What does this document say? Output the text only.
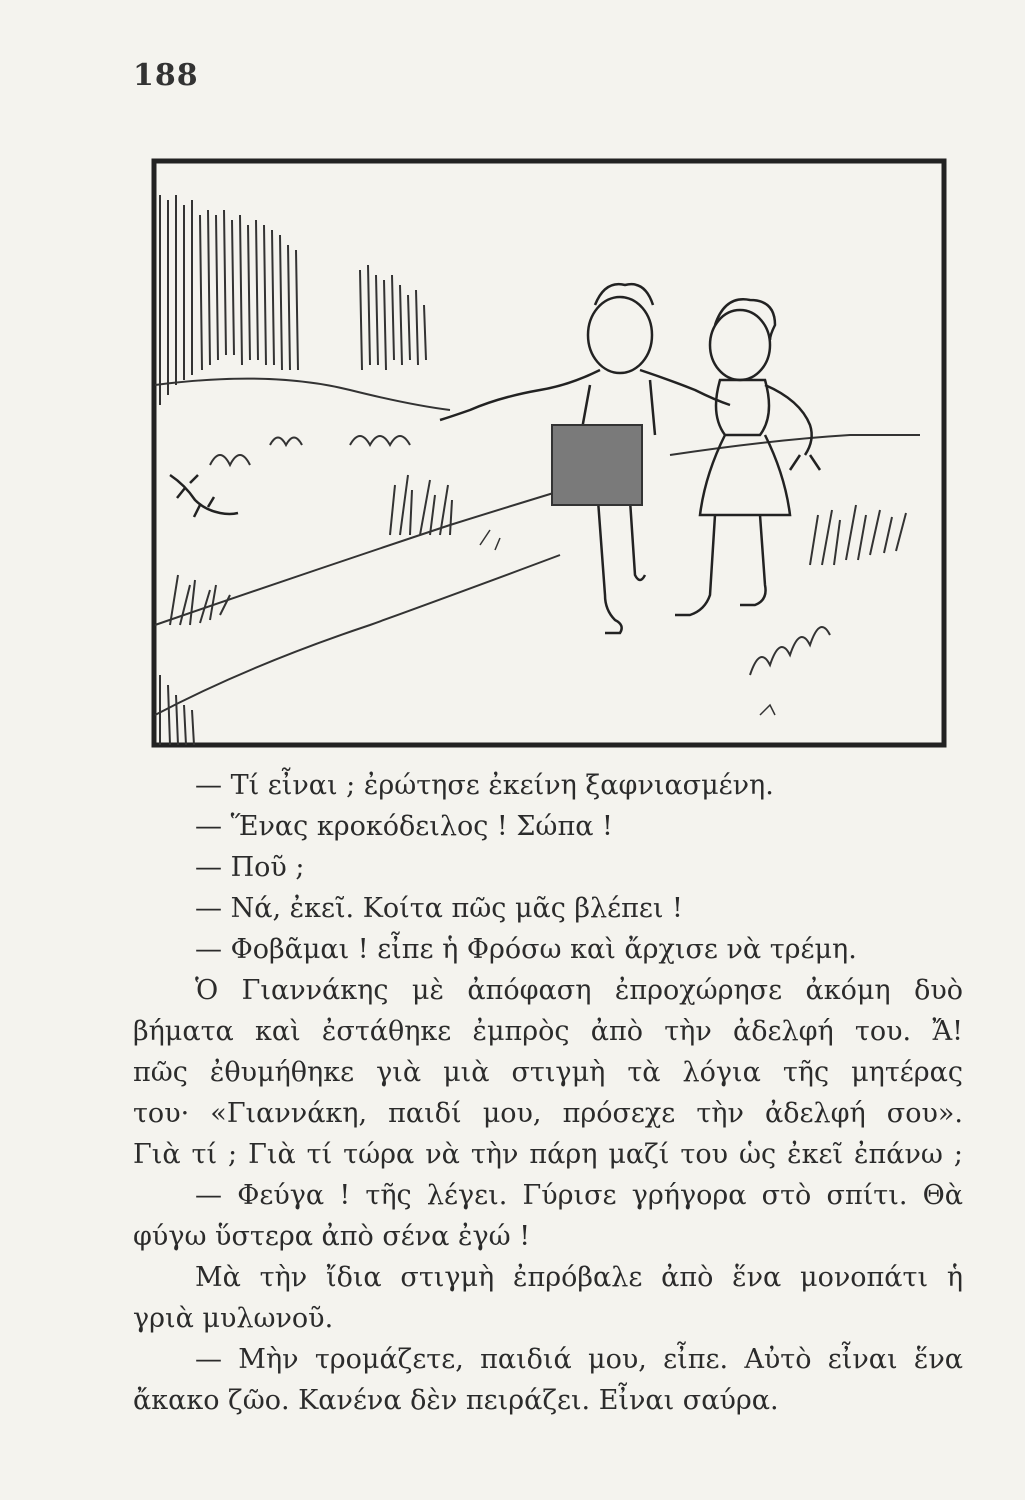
188
— Τί εἶναι ; ἐρώτησε ἐκείνη ξαφνιασμένη.
— Ἕνας κροκόδειλος ! Σώπα !
— Ποῦ ;
— Νά, ἐκεῖ. Κοίτα πῶς μᾶς βλέπει !
— Φοβᾶμαι ! εἶπε ἡ Φρόσω καὶ ἄρχισε νὰ τρέμη.
Ὁ Γιαννάκης μὲ ἀπόφαση ἐπροχώρησε ἀκόμη δυὸ
βήματα καὶ ἐστάθηκε ἐμπρὸς ἀπὸ τὴν ἀδελφή του. Ἄ!
πῶς ἐθυμήθηκε γιὰ μιὰ στιγμὴ τὰ λόγια τῆς μητέρας
του· «Γιαννάκη, παιδί μου, πρόσεχε τὴν ἀδελφή σου».
Γιὰ τί ; Γιὰ τί τώρα νὰ τὴν πάρη μαζί του ὡς ἐκεῖ ἐπάνω ;
— Φεύγα ! τῆς λέγει. Γύρισε γρήγορα στὸ σπίτι. Θὰ
φύγω ὕστερα ἀπὸ σένα ἐγώ !
Μὰ τὴν ἴδια στιγμὴ ἐπρόβαλε ἀπὸ ἕνα μονοπάτι ἡ
γριὰ μυλωνοῦ.
— Μὴν τρομάζετε, παιδιά μου, εἶπε. Αὐτὸ εἶναι ἕνα
ἄκακο ζῶο. Κανένα δὲν πειράζει. Εἶναι σαύρα.
